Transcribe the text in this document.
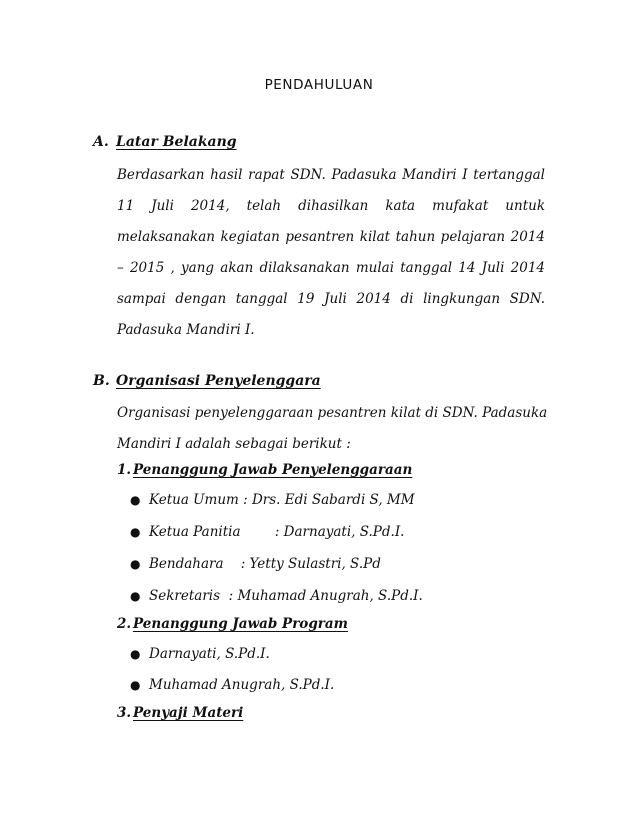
PENDAHULUAN
A. Latar Belakang
Berdasarkan hasil rapat SDN. Padasuka Mandiri I tertanggal
11 Juli 2014, telah dihasilkan kata mufakat untuk
melaksanakan kegiatan pesantren kilat tahun pelajaran 2014
– 2015 , yang akan dilaksanakan mulai tanggal 14 Juli 2014
sampai dengan tanggal 19 Juli 2014 di lingkungan SDN.
Padasuka Mandiri I.
B. Organisasi Penyelenggara
Organisasi penyelenggaraan pesantren kilat di SDN. Padasuka
Mandiri I adalah sebagai berikut :
1. Penanggung Jawab Penyelenggaraan
● Ketua Umum : Drs. Edi Sabardi S, MM
● Ketua Panitia        : Darnayati, S.Pd.I.
● Bendahara    : Yetty Sulastri, S.Pd
● Sekretaris  : Muhamad Anugrah, S.Pd.I.
2. Penanggung Jawab Program
● Darnayati, S.Pd.I.
● Muhamad Anugrah, S.Pd.I.
3. Penyaji Materi
